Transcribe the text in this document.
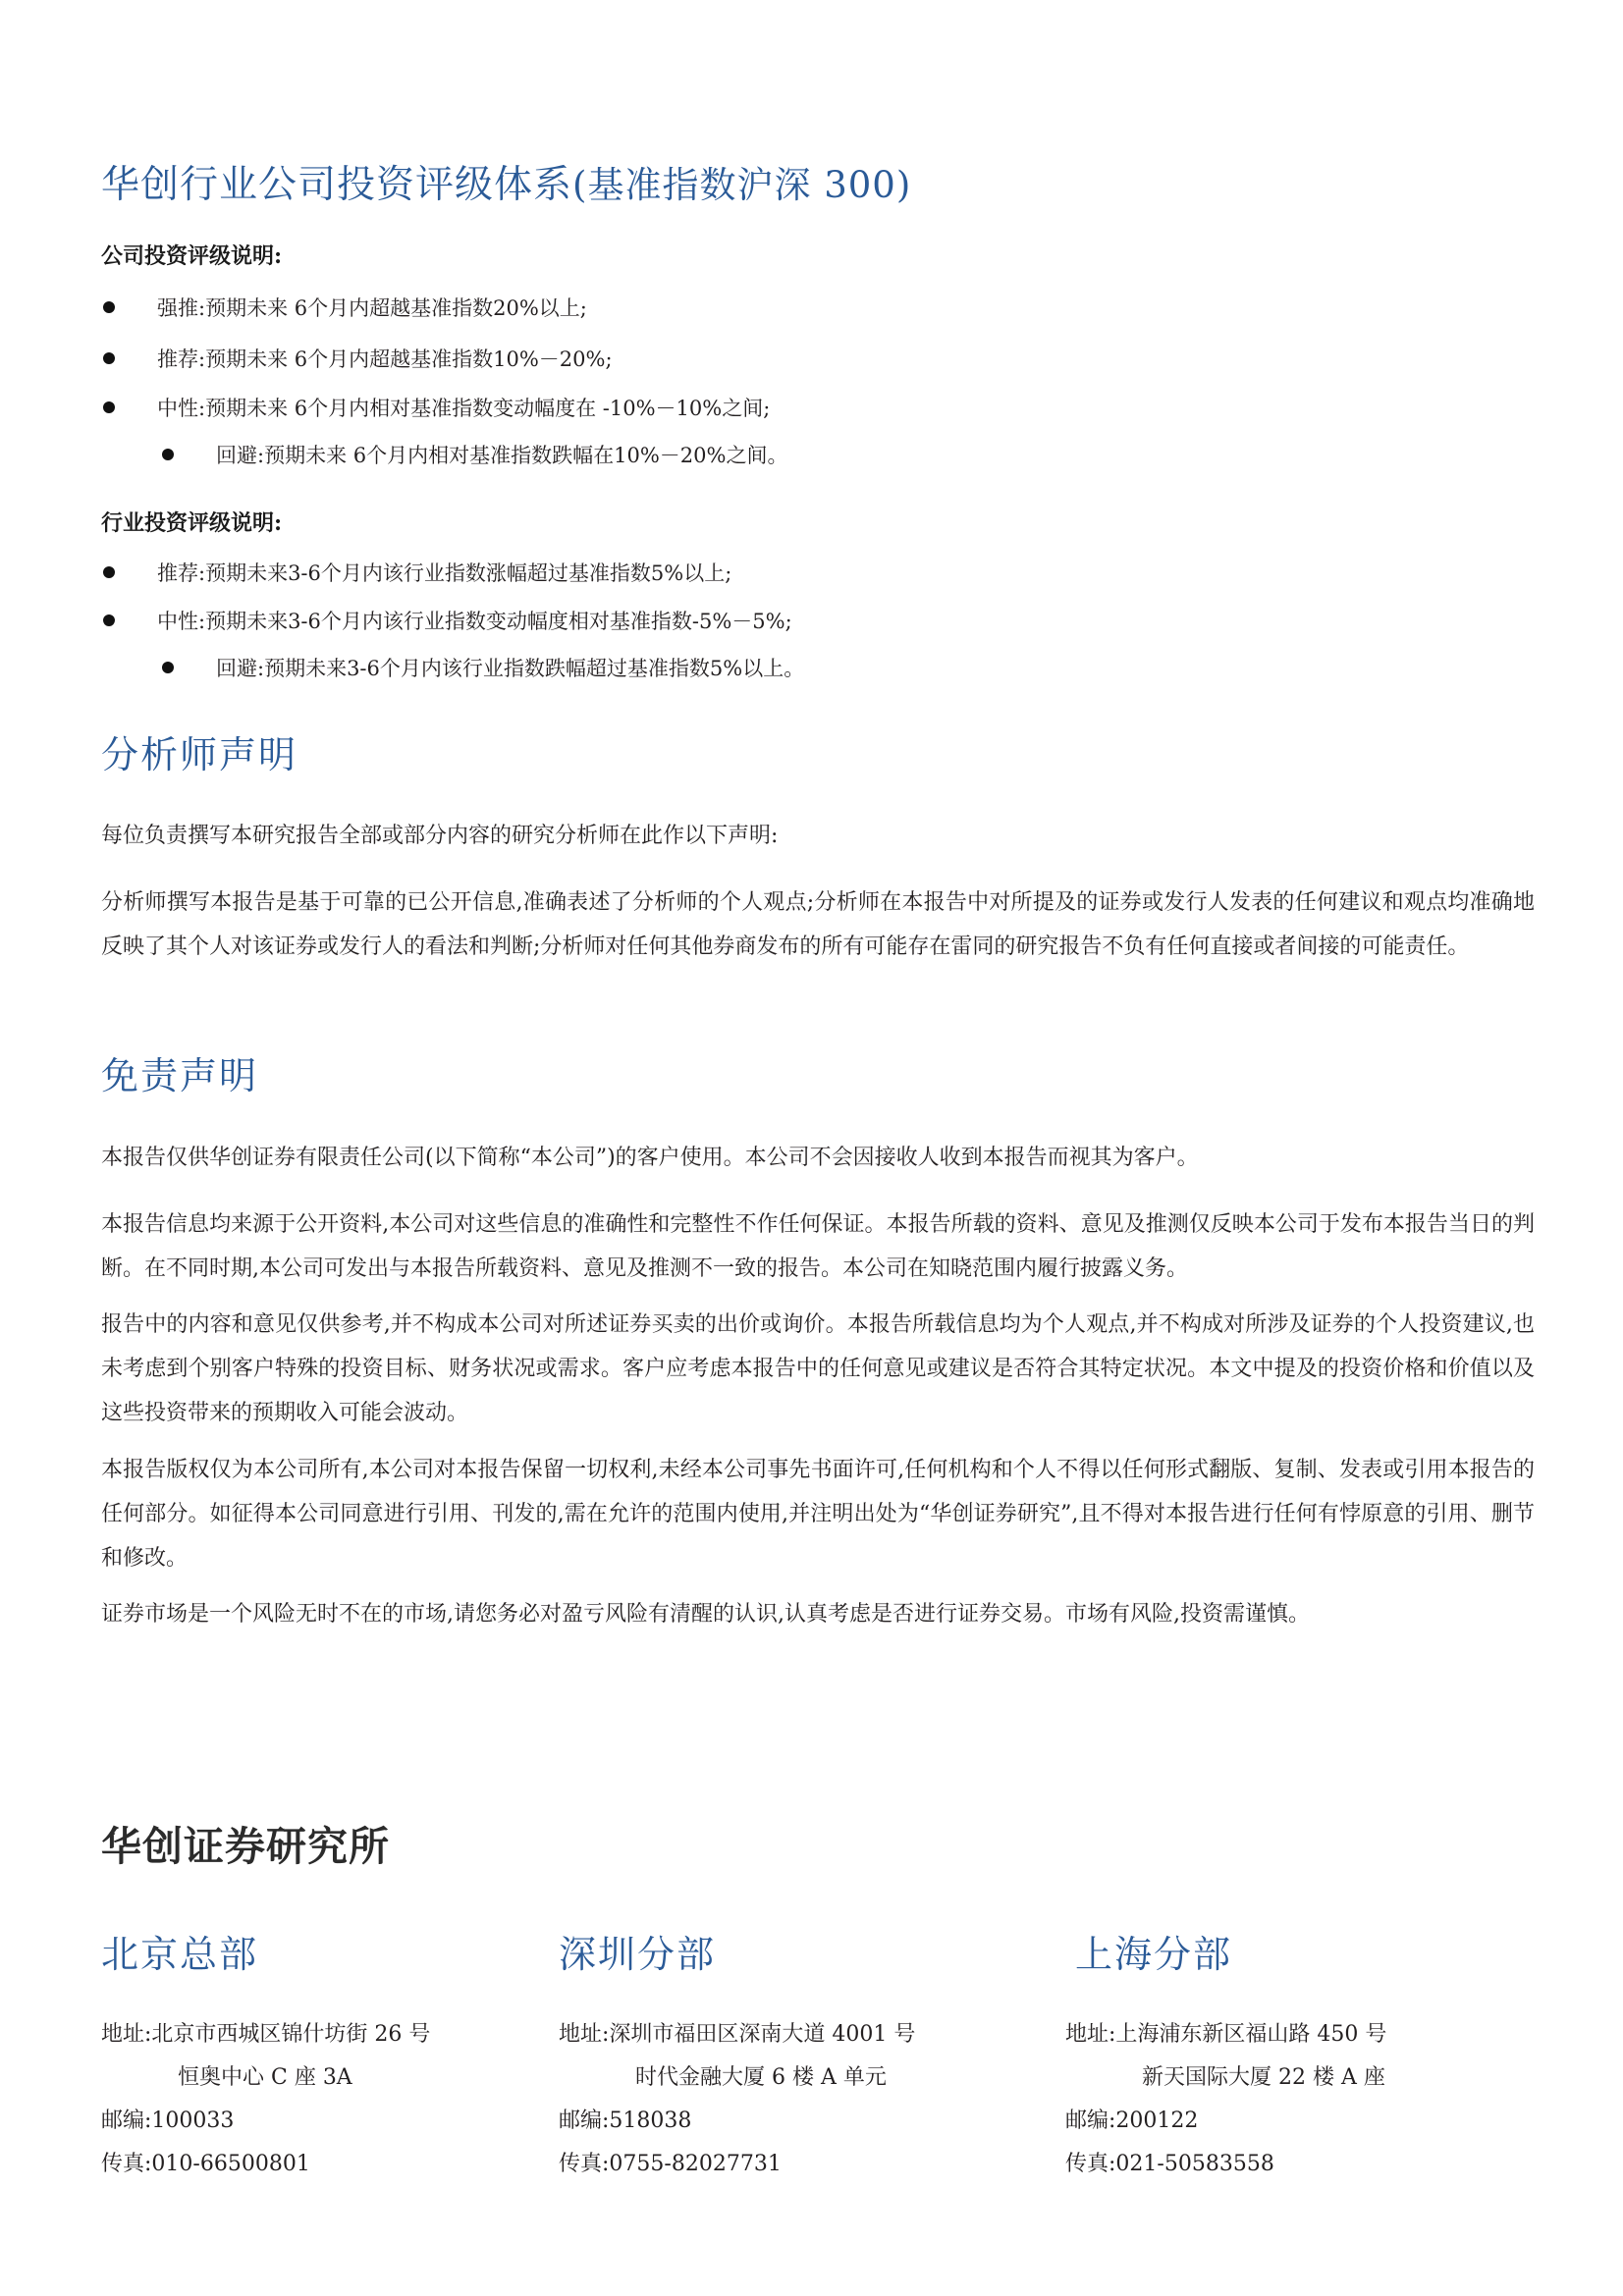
华创行业公司投资评级体系(基准指数沪深 300)
公司投资评级说明:
强推:预期未来 6个月内超越基准指数20%以上;
推荐:预期未来 6个月内超越基准指数10%－20%;
中性:预期未来 6个月内相对基准指数变动幅度在 -10%－10%之间;
回避:预期未来 6个月内相对基准指数跌幅在10%－20%之间。
行业投资评级说明:
推荐:预期未来3-6个月内该行业指数涨幅超过基准指数5%以上;
中性:预期未来3-6个月内该行业指数变动幅度相对基准指数-5%－5%;
回避:预期未来3-6个月内该行业指数跌幅超过基准指数5%以上。
分析师声明
每位负责撰写本研究报告全部或部分内容的研究分析师在此作以下声明:
分析师撰写本报告是基于可靠的已公开信息,准确表述了分析师的个人观点;分析师在本报告中对所提及的证券或发行人发表的任何建议和观点均准确地反映了其个人对该证券或发行人的看法和判断;分析师对任何其他券商发布的所有可能存在雷同的研究报告不负有任何直接或者间接的可能责任。
免责声明
本报告仅供华创证券有限责任公司(以下简称“本公司”)的客户使用。本公司不会因接收人收到本报告而视其为客户。
本报告信息均来源于公开资料,本公司对这些信息的准确性和完整性不作任何保证。本报告所载的资料、意见及推测仅反映本公司于发布本报告当日的判断。在不同时期,本公司可发出与本报告所载资料、意见及推测不一致的报告。本公司在知晓范围内履行披露义务。
报告中的内容和意见仅供参考,并不构成本公司对所述证券买卖的出价或询价。本报告所载信息均为个人观点,并不构成对所涉及证券的个人投资建议,也未考虑到个别客户特殊的投资目标、财务状况或需求。客户应考虑本报告中的任何意见或建议是否符合其特定状况。本文中提及的投资价格和价值以及这些投资带来的预期收入可能会波动。
本报告版权仅为本公司所有,本公司对本报告保留一切权利,未经本公司事先书面许可,任何机构和个人不得以任何形式翻版、复制、发表或引用本报告的任何部分。如征得本公司同意进行引用、刊发的,需在允许的范围内使用,并注明出处为“华创证券研究”,且不得对本报告进行任何有悖原意的引用、删节和修改。
证券市场是一个风险无时不在的市场,请您务必对盈亏风险有清醒的认识,认真考虑是否进行证券交易。市场有风险,投资需谨慎。
华创证券研究所
北京总部
地址:北京市西城区锦什坊街 26 号
恒奥中心 C 座 3A
邮编:100033
传真:010-66500801
深圳分部
地址:深圳市福田区深南大道 4001 号
时代金融大厦 6 楼 A 单元
邮编:518038
传真:0755-82027731
上海分部
地址:上海浦东新区福山路 450 号
新天国际大厦 22 楼 A 座
邮编:200122
传真:021-50583558
